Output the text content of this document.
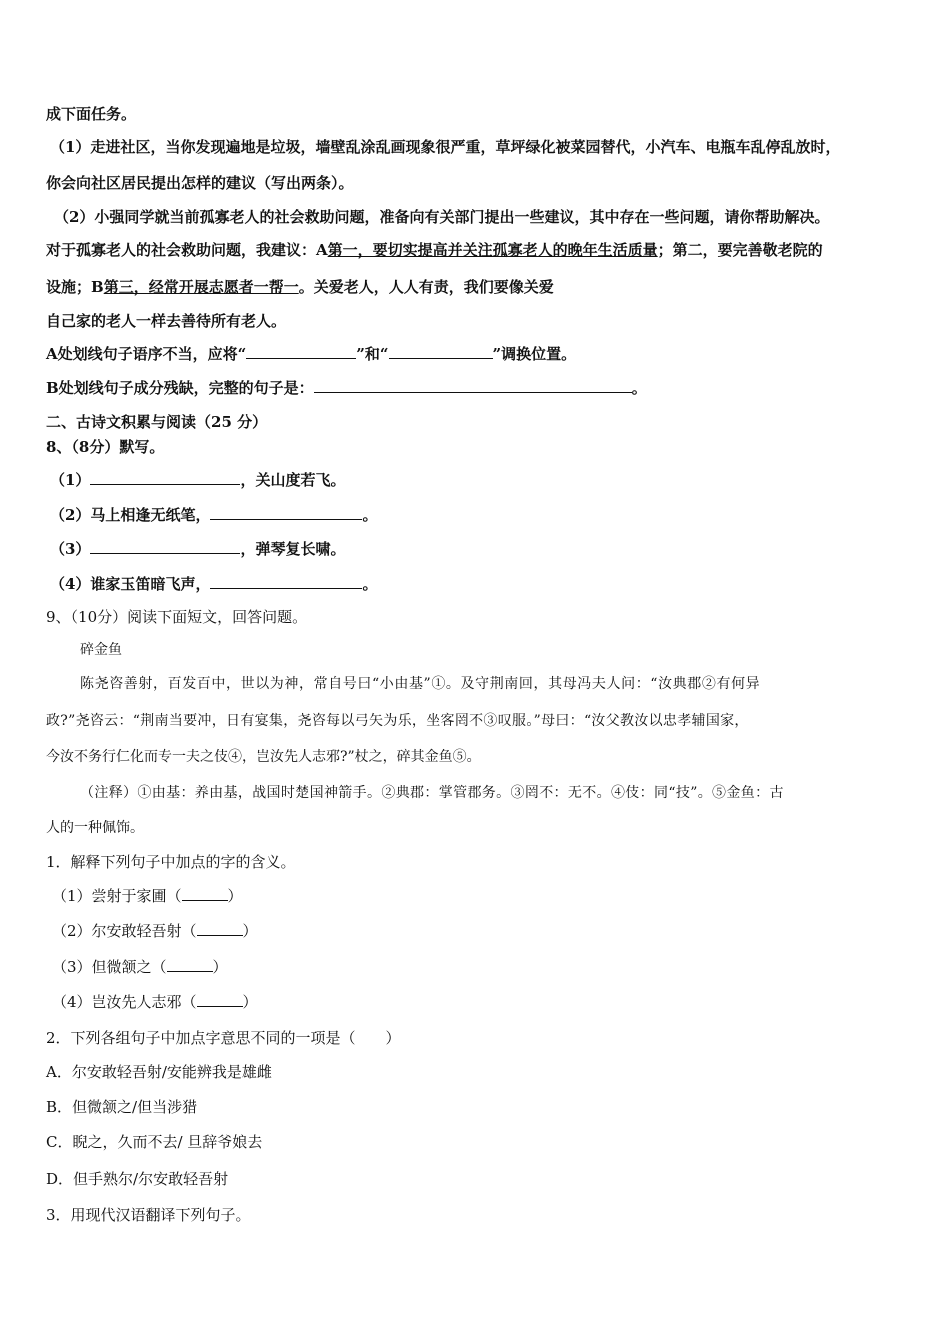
成下面任务。
（1）走进社区，当你发现遍地是垃圾，墙壁乱涂乱画现象很严重，草坪绿化被菜园替代，小汽车、电瓶车乱停乱放时，
你会向社区居民提出怎样的建议（写出两条）。
（2）小强同学就当前孤寡老人的社会救助问题，准备向有关部门提出一些建议，其中存在一些问题，请你帮助解决。
对于孤寡老人的社会救助问题，我建议：A第一，要切实提高并关注孤寡老人的晚年生活质量；第二，要完善敬老院的
设施；B第三，经常开展志愿者一帮一。关爱老人，人人有责，我们要像关爱
自己家的老人一样去善待所有老人。
A处划线句子语序不当，应将“	”和“	”调换位置。
B处划线句子成分残缺，完整的句子是：	。
二、古诗文积累与阅读（25 分）
8、（8分）默写。
（1）	，关山度若飞。
（2）马上相逢无纸笔，	。
（3）	，弹琴复长啸。
（4）谁家玉笛暗飞声，	。
9、（10分）阅读下面短文，回答问题。
碎金鱼
陈尧咨善射，百发百中，世以为神，常自号曰“小由基”①。及守荆南回，其母冯夫人问：“汝典郡②有何异
政?”尧咨云：“荆南当要冲，日有宴集，尧咨每以弓矢为乐，坐客罔不③叹服。”母曰：“汝父教汝以忠孝辅国家，
今汝不务行仁化而专一夫之伎④，岂汝先人志邪?”杖之，碎其金鱼⑤。
（注释）①由基：养由基，战国时楚国神箭手。②典郡：掌管郡务。③罔不：无不。④伎：同“技”。⑤金鱼：古
人的一种佩饰。
1．解释下列句子中加点的字的含义。
（1）尝射于家圃（	）
（2）尔安敢轻吾射（	）
（3）但微颔之（	）
（4）岂汝先人志邪（	）
2．下列各组句子中加点字意思不同的一项是（　　）
A．尔安敢轻吾射/安能辨我是雄雌
B．但微颔之/但当涉猎
C．睨之，久而不去/ 旦辞爷娘去
D．但手熟尔/尔安敢轻吾射
3．用现代汉语翻译下列句子。
